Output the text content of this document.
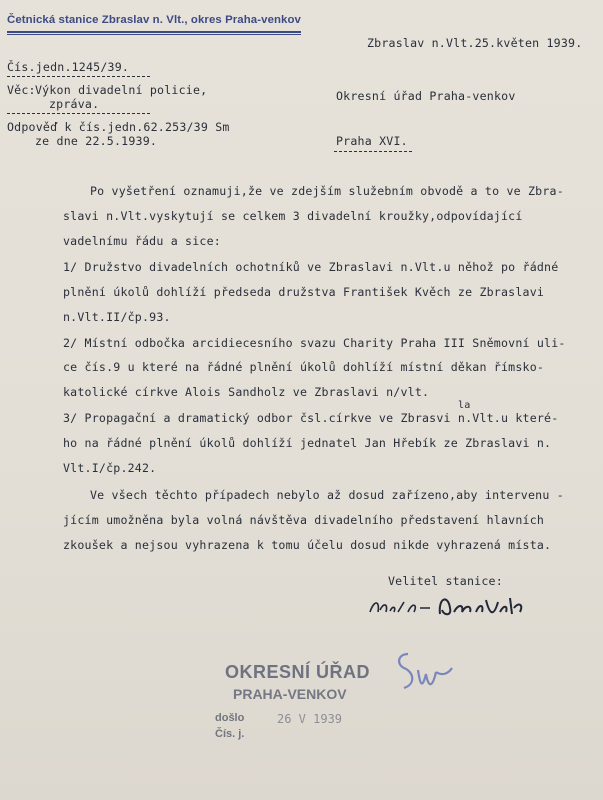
Četnická stanice Zbraslav n. Vlt., okres Praha-venkov
Zbraslav n.Vlt.25.květen 1939.
Čís.jedn.1245/39.
Věc: Výkon divadelní policie,
zpráva.
Odpověď k čís.jedn.62.253/39 Sm
ze dne 22.5.1939.
Okresní úřad Praha-venkov
Praha XVI.
Po vyšetření oznamuji,že ve zdejším služebním obvodě a to ve Zbra-
slavi n.Vlt.vyskytují se celkem 3 divadelní kroužky,odpovídající
vadelnímu řádu a sice:
1/ Družstvo divadelních ochotníků ve Zbraslavi n.Vlt.u něhož po řádné
plnění úkolů dohlíží předseda družstva František Kvěch ze Zbraslavi
n.Vlt.II/čp.93.
2/ Místní odbočka arcidiecesního svazu Charity Praha III Sněmovní uli-
ce čís.9 u které na řádné plnění úkolů dohlíží místní děkan římsko-
katolické církve Alois Sandholz ve Zbraslavi n/vlt.
la
3/ Propagační a dramatický odbor čsl.církve ve Zbrasvi n.Vlt.u které-
ho na řádné plnění úkolů dohlíží jednatel Jan Hřebík ze Zbraslavi n.
Vlt.I/čp.242.
Ve všech těchto případech nebylo až dosud zařízeno,aby intervenu -
jícím umožněna byla volná návštěva divadelního představení hlavních
zkoušek a nejsou vyhrazena k tomu účelu dosud nikde vyhrazená místa.
Velitel stanice:
OKRESNÍ ÚŘAD
PRAHA-VENKOV
došlo	26 V 1939
Čís. j.
